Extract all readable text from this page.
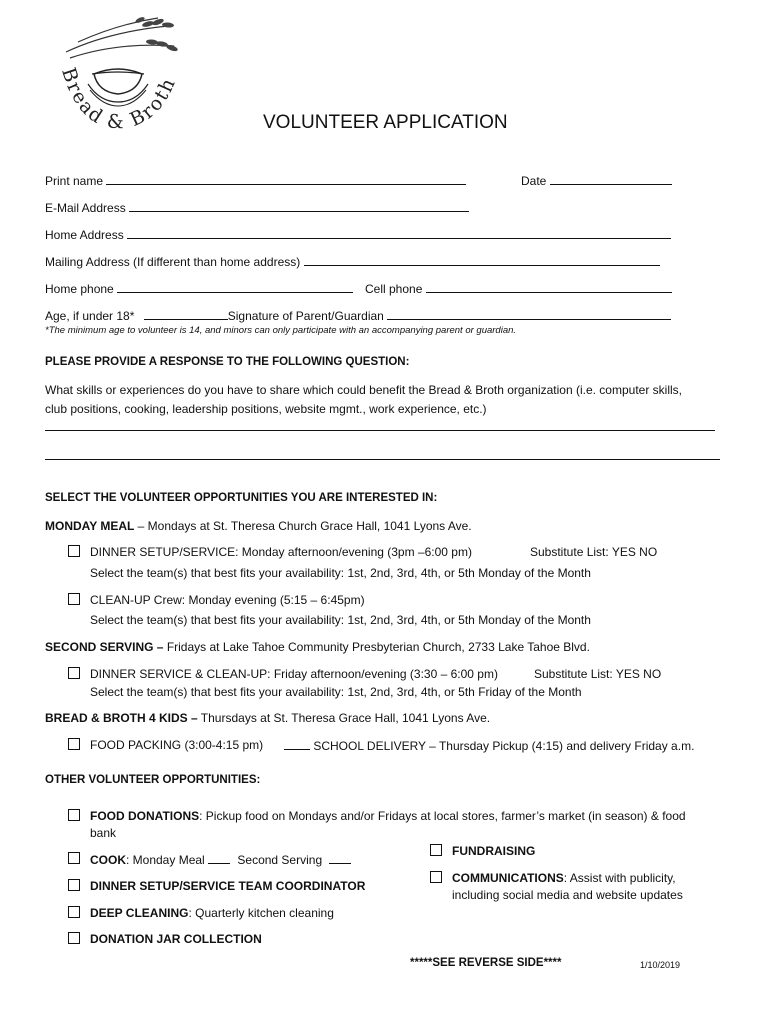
Bread & Broth
VOLUNTEER APPLICATION
Print name	Date
E-Mail Address
Home Address
Mailing Address (If different than home address)
Home phone	Cell phone
Age, if under 18*	Signature of Parent/Guardian
*The minimum age to volunteer is 14, and minors can only participate with an accompanying parent or guardian.
PLEASE PROVIDE A RESPONSE TO THE FOLLOWING QUESTION:
What skills or experiences do you have to share which could benefit the Bread & Broth organization (i.e. computer skills,
club positions, cooking, leadership positions, website mgmt., work experience, etc.)
SELECT THE VOLUNTEER OPPORTUNITIES YOU ARE INTERESTED IN:
MONDAY MEAL – Mondays at St. Theresa Church Grace Hall, 1041 Lyons Ave.
DINNER SETUP/SERVICE: Monday afternoon/evening (3pm –6:00 pm)	Substitute List: YES NO
Select the team(s) that best fits your availability: 1st, 2nd, 3rd, 4th, or 5th Monday of the Month
CLEAN-UP Crew: Monday evening (5:15 – 6:45pm)
Select the team(s) that best fits your availability: 1st, 2nd, 3rd, 4th, or 5th Monday of the Month
SECOND SERVING – Fridays at Lake Tahoe Community Presbyterian Church, 2733 Lake Tahoe Blvd.
DINNER SERVICE & CLEAN-UP: Friday afternoon/evening (3:30 – 6:00 pm)	Substitute List: YES NO
Select the team(s) that best fits your availability: 1st, 2nd, 3rd, 4th, or 5th Friday of the Month
BREAD & BROTH 4 KIDS – Thursdays at St. Theresa Grace Hall, 1041 Lyons Ave.
FOOD PACKING (3:00-4:15 pm)	SCHOOL DELIVERY – Thursday Pickup (4:15) and delivery Friday a.m.
OTHER VOLUNTEER OPPORTUNITIES:
FOOD DONATIONS: Pickup food on Mondays and/or Fridays at local stores, farmer’s market (in season) & food
bank
COOK: Monday Meal	Second Serving
DINNER SETUP/SERVICE TEAM COORDINATOR
DEEP CLEANING: Quarterly kitchen cleaning
DONATION JAR COLLECTION
FUNDRAISING
COMMUNICATIONS: Assist with publicity,
including social media and website updates
*****SEE REVERSE SIDE****	1/10/2019
